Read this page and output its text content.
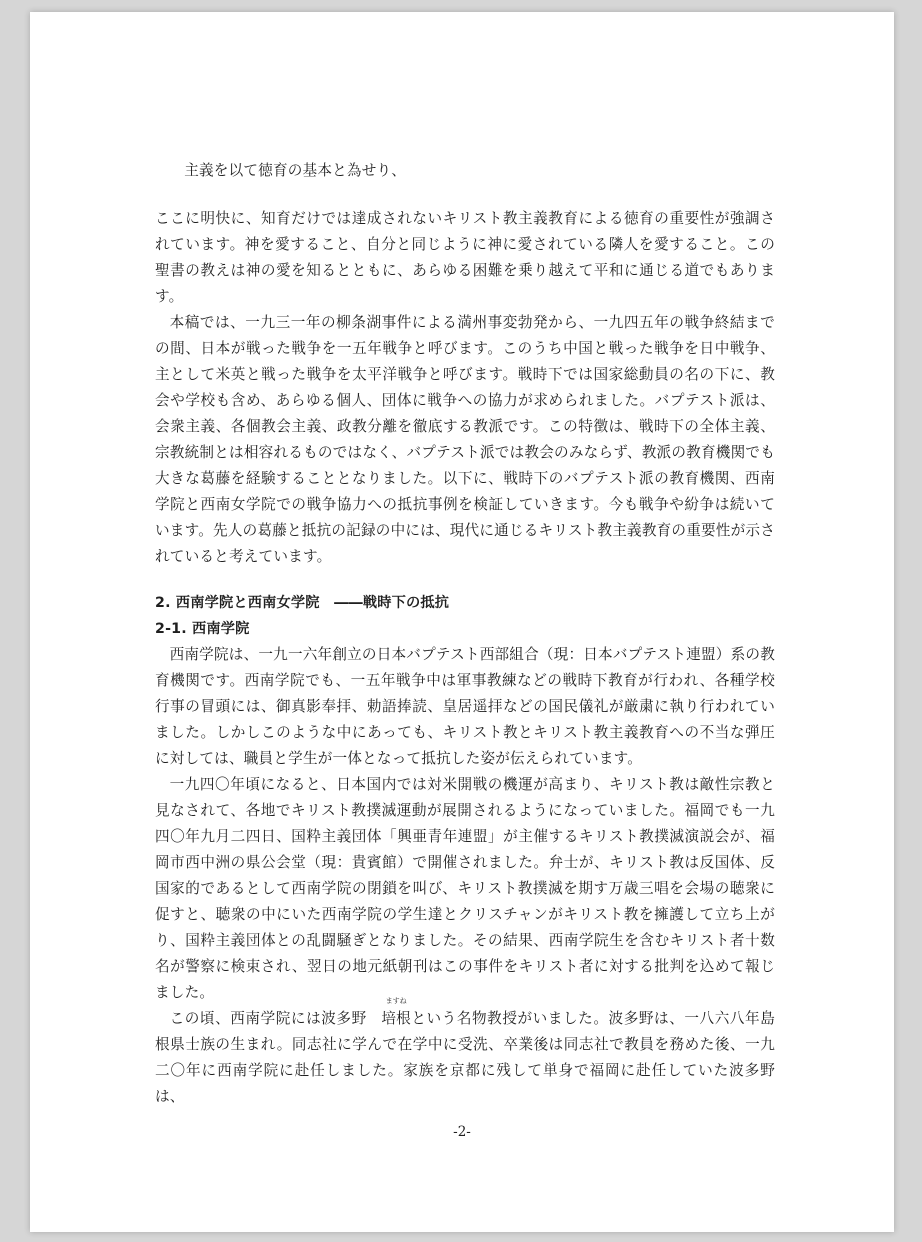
主義を以て徳育の基本と為せり、

ここに明快に、知育だけでは達成されないキリスト教主義教育による徳育の重要性が強調されています。神を愛すること、自分と同じように神に愛されている隣人を愛すること。この聖書の教えは神の愛を知るとともに、あらゆる困難を乗り越えて平和に通じる道でもあります。

本稿では、一九三一年の柳条湖事件による満州事変勃発から、一九四五年の戦争終結までの間、日本が戦った戦争を一五年戦争と呼びます。このうち中国と戦った戦争を日中戦争、主として米英と戦った戦争を太平洋戦争と呼びます。戦時下では国家総動員の名の下に、教会や学校も含め、あらゆる個人、団体に戦争への協力が求められました。バプテスト派は、会衆主義、各個教会主義、政教分離を徹底する教派です。この特徴は、戦時下の全体主義、宗教統制とは相容れるものではなく、バプテスト派では教会のみならず、教派の教育機関でも大きな葛藤を経験することとなりました。以下に、戦時下のバプテスト派の教育機関、西南学院と西南女学院での戦争協力への抵抗事例を検証していきます。今も戦争や紛争は続いています。先人の葛藤と抵抗の記録の中には、現代に通じるキリスト教主義教育の重要性が示されていると考えています。

2. 西南学院と西南女学院　――戦時下の抵抗

2-1. 西南学院

西南学院は、一九一六年創立の日本バプテスト西部組合（現：日本バプテスト連盟）系の教育機関です。西南学院でも、一五年戦争中は軍事教練などの戦時下教育が行われ、各種学校行事の冒頭には、御真影奉拝、勅語捧読、皇居遥拝などの国民儀礼が厳粛に執り行われていました。しかしこのような中にあっても、キリスト教とキリスト教主義教育への不当な弾圧に対しては、職員と学生が一体となって抵抗した姿が伝えられています。

一九四〇年頃になると、日本国内では対米開戦の機運が高まり、キリスト教は敵性宗教と見なされて、各地でキリスト教撲滅運動が展開されるようになっていました。福岡でも一九四〇年九月二四日、国粋主義団体「興亜青年連盟」が主催するキリスト教撲滅演説会が、福岡市西中洲の県公会堂（現：貴賓館）で開催されました。弁士が、キリスト教は反国体、反国家的であるとして西南学院の閉鎖を叫び、キリスト教撲滅を期す万歳三唱を会場の聴衆に促すと、聴衆の中にいた西南学院の学生達とクリスチャンがキリスト教を擁護して立ち上がり、国粋主義団体との乱闘騒ぎとなりました。その結果、西南学院生を含むキリスト者十数名が警察に検束され、翌日の地元紙朝刊はこの事件をキリスト者に対する批判を込めて報じました。

この頃、西南学院には波多野
ますね
培根という名物教授がいました。波多野は、一八六八年島根県士族の生まれ。同志社に学んで在学中に受洗、卒業後は同志社で教員を務めた後、一九二〇年に西南学院に赴任しました。家族を京都に残して単身で福岡に赴任していた波多野は、

-2-
